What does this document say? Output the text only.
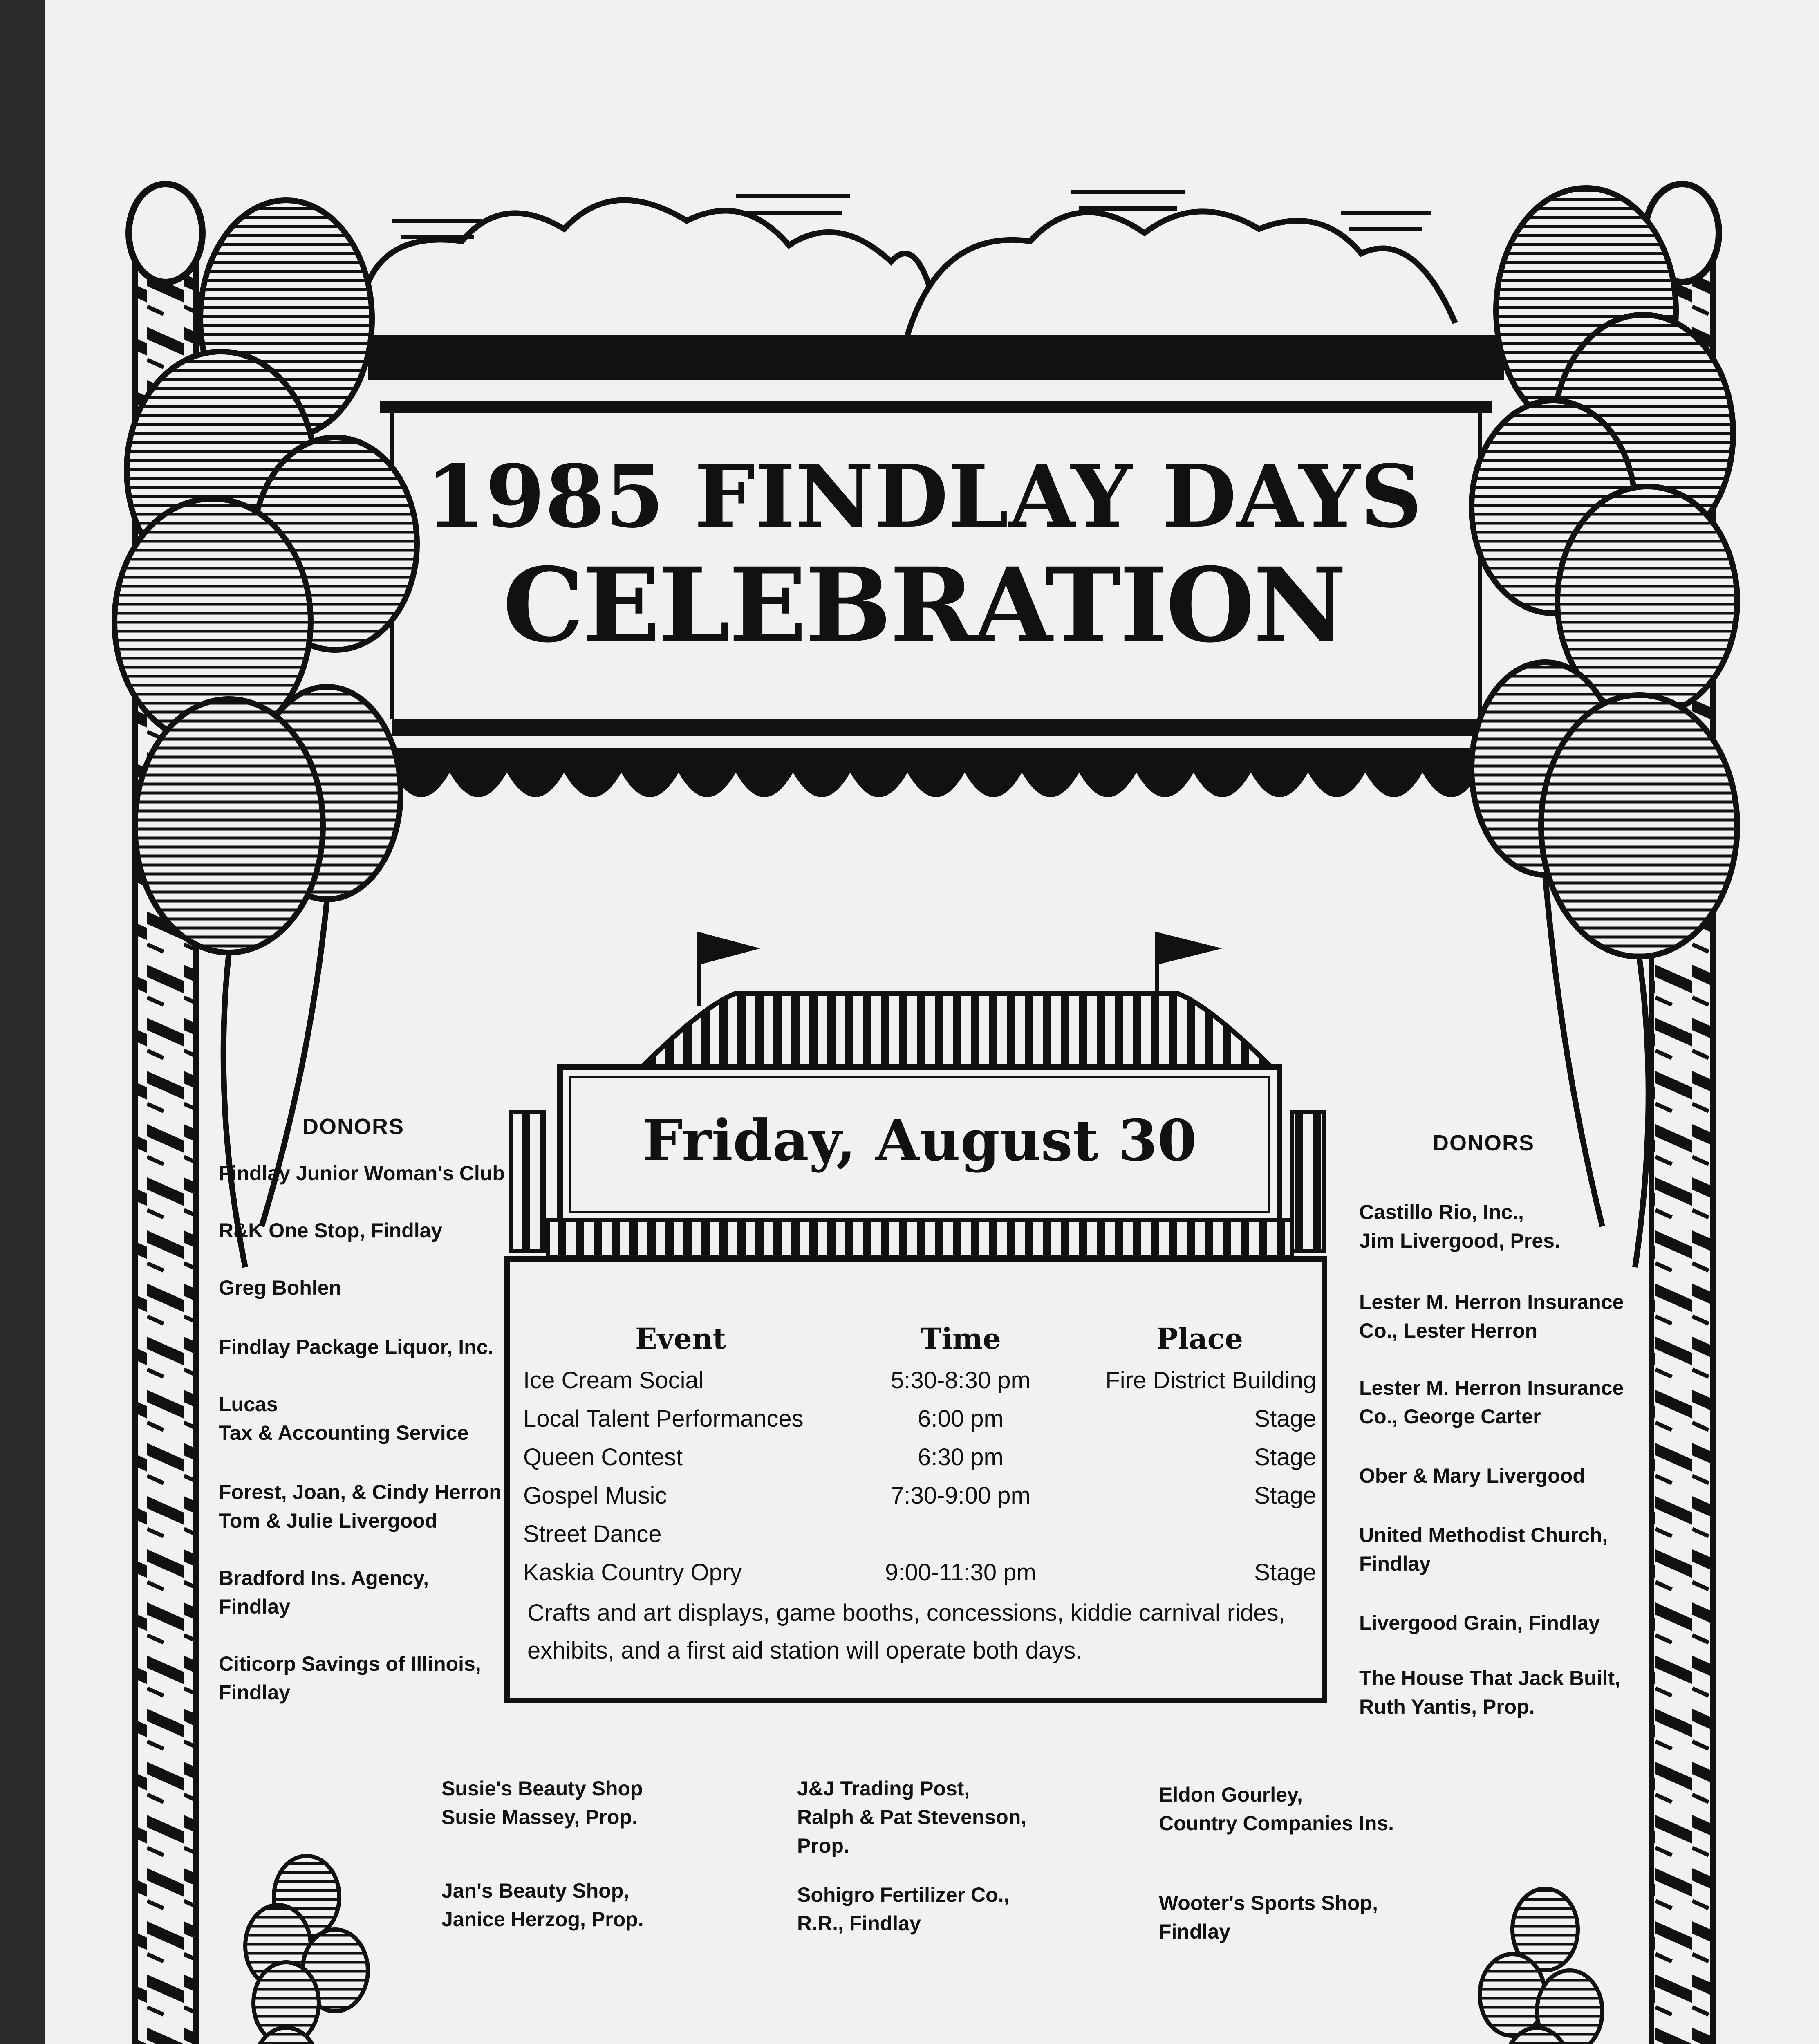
1985 FINDLAY DAYS
CELEBRATION
Friday, August 30
Event	Time	Place
Ice Cream Social	5:30-8:30 pm	Fire District Building
Local Talent Performances	6:00 pm	Stage
Queen Contest	6:30 pm	Stage
Gospel Music	7:30-9:00 pm	Stage
Street Dance
Kaskia Country Opry	9:00-11:30 pm	Stage
Crafts and art displays, game booths, concessions, kiddie carnival rides, exhibits, and a first aid station will operate both days.
DONORS
Findlay Junior Woman's Club
R&K One Stop, Findlay
Greg Bohlen
Findlay Package Liquor, Inc.
Lucas
Tax & Accounting Service
Forest, Joan, & Cindy Herron
Tom & Julie Livergood
Bradford Ins. Agency,
Findlay
Citicorp Savings of Illinois,
Findlay
DONORS
Castillo Rio, Inc.,
Jim Livergood, Pres.
Lester M. Herron Insurance
Co., Lester Herron
Lester M. Herron Insurance
Co., George Carter
Ober & Mary Livergood
United Methodist Church,
Findlay
Livergood Grain, Findlay
The House That Jack Built,
Ruth Yantis, Prop.
Susie's Beauty Shop
Susie Massey, Prop.
J&J Trading Post,
Ralph & Pat Stevenson,
Prop.
Eldon Gourley,
Country Companies Ins.
Jan's Beauty Shop,
Janice Herzog, Prop.
Sohigro Fertilizer Co.,
R.R., Findlay
Wooter's Sports Shop,
Findlay
